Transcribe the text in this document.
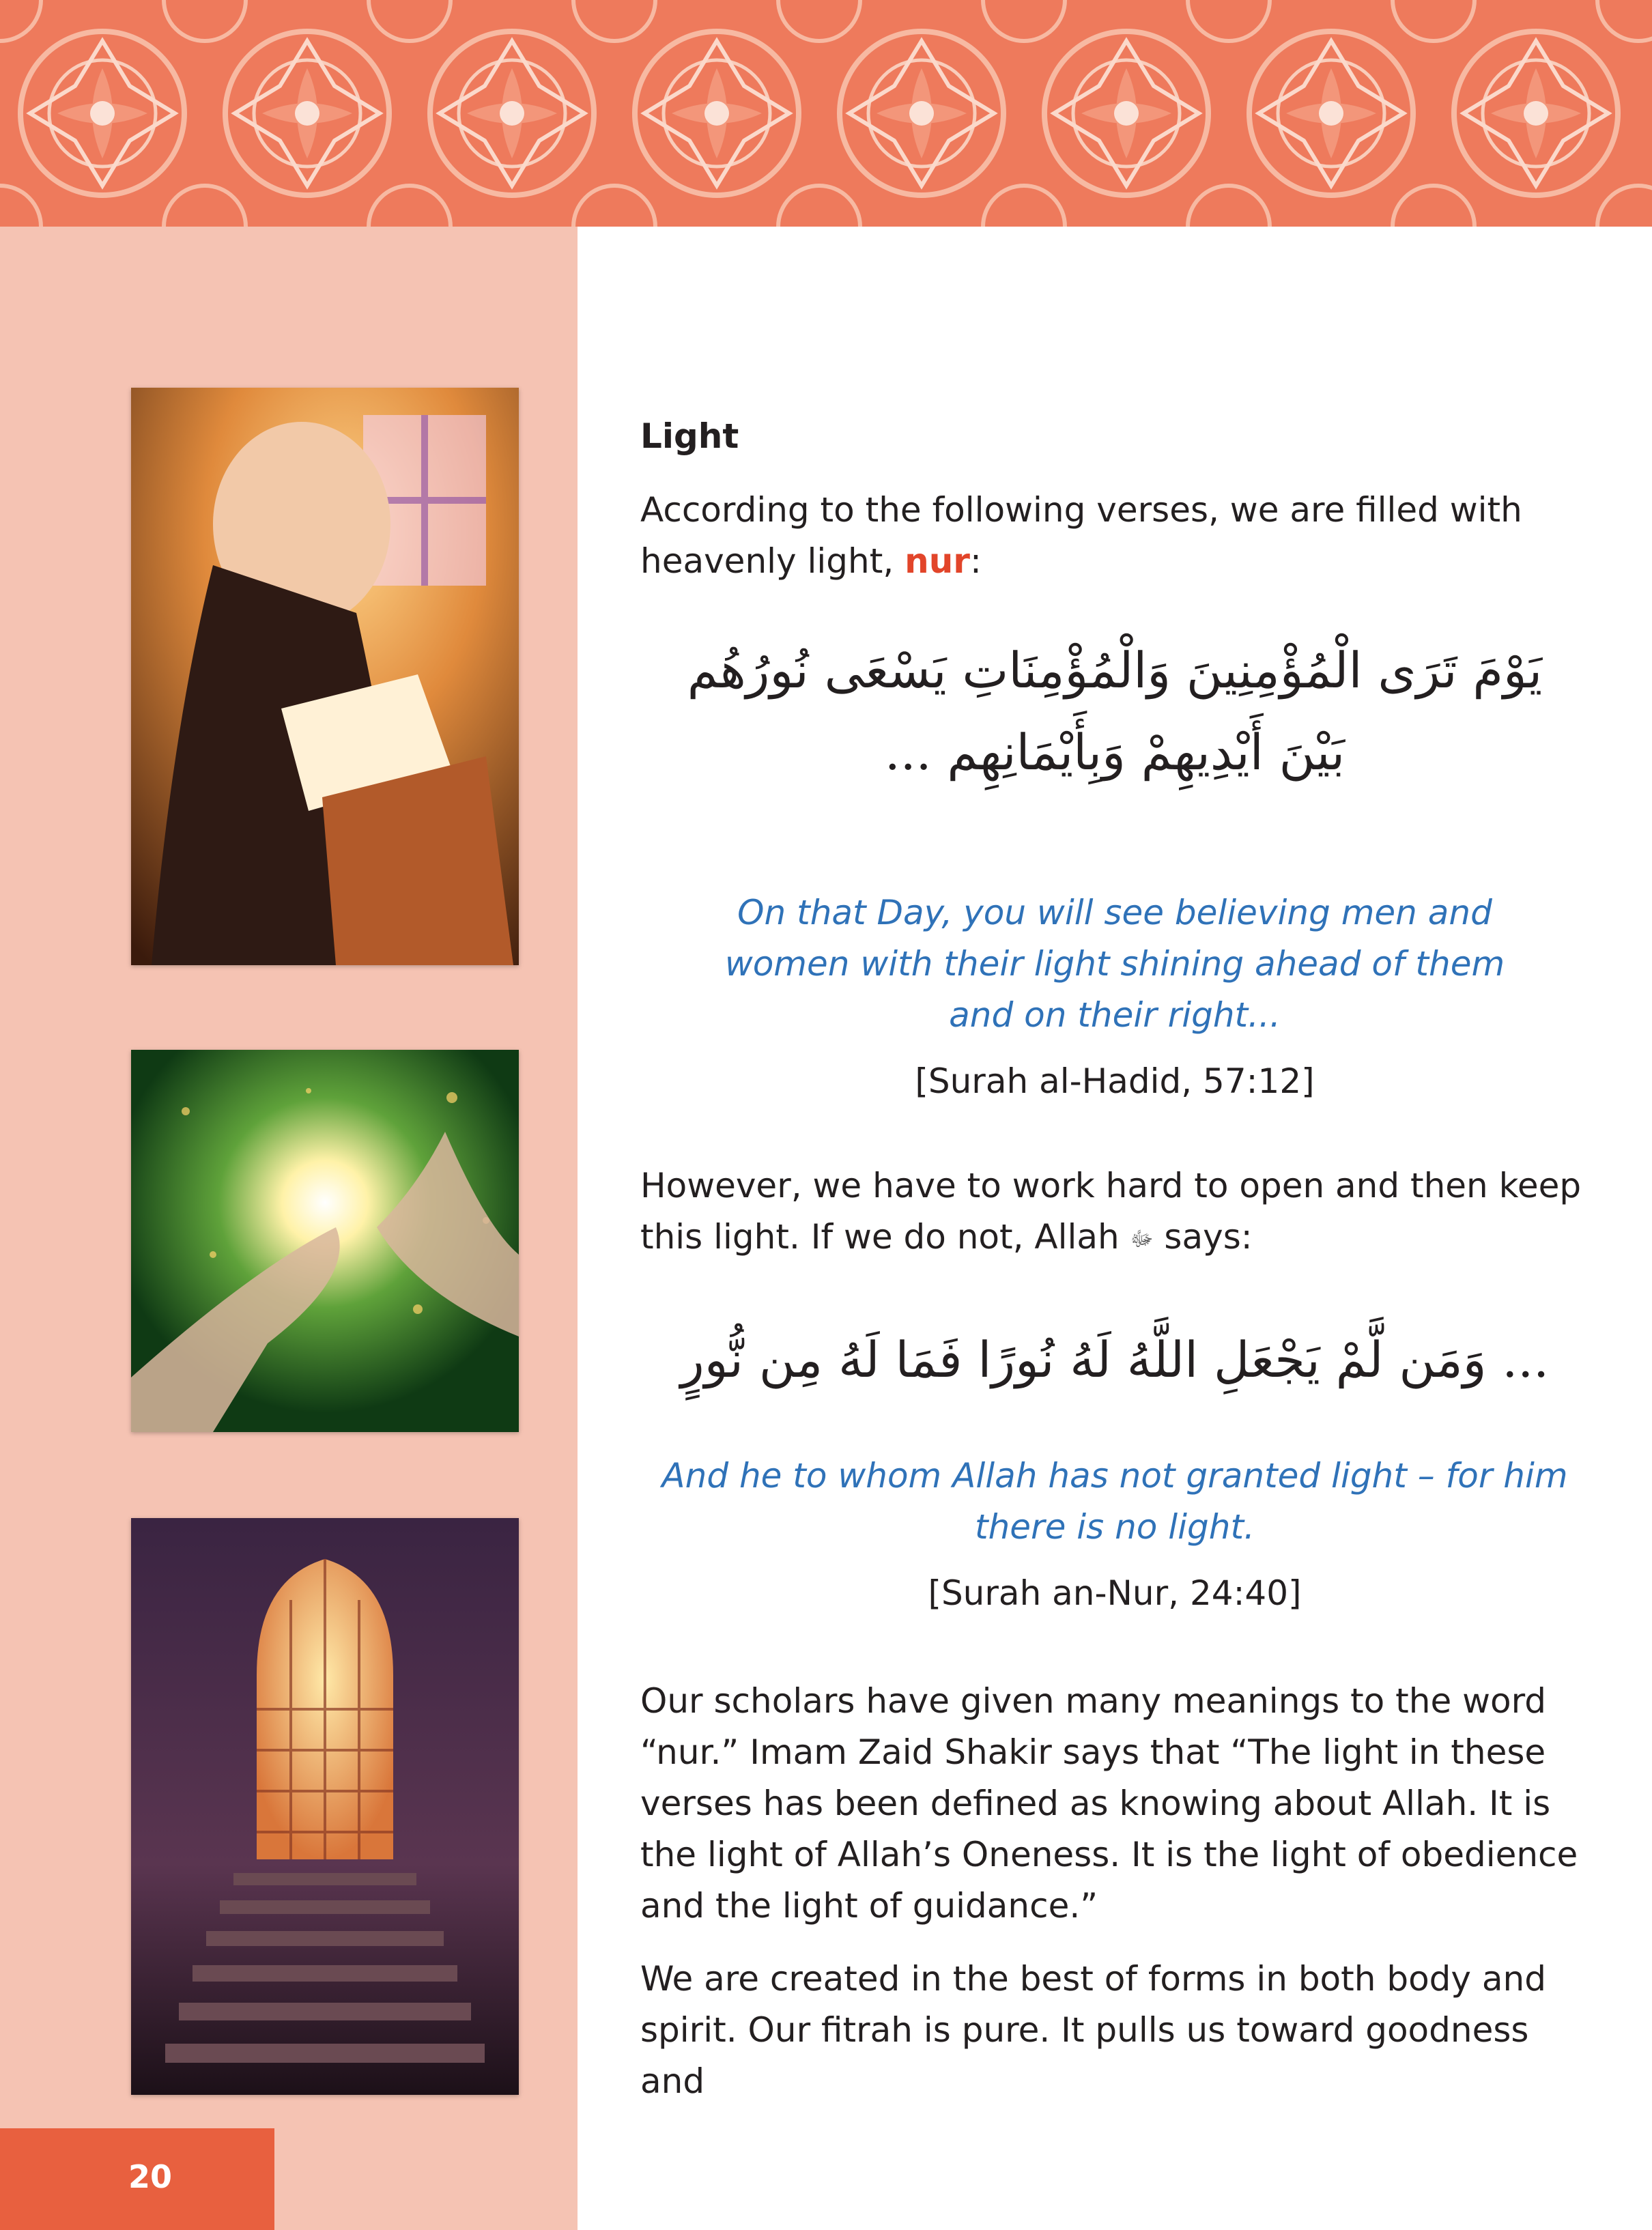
20
Light
According to the following verses, we are filled with heavenly light, nur:
يَوْمَ تَرَى الْمُؤْمِنِينَ وَالْمُؤْمِنَاتِ يَسْعَى نُورُهُم
بَيْنَ أَيْدِيهِمْ وَبِأَيْمَانِهِم ...
On that Day, you will see believing men and women with their light shining ahead of them and on their right...
[Surah al-Hadid, 57:12]
However, we have to work hard to open and then keep this light. If we do not, Allah ﷻ says:
... وَمَن لَّمْ يَجْعَلِ اللَّهُ لَهُ نُورًا فَمَا لَهُ مِن نُّورٍ
And he to whom Allah has not granted light – for him there is no light.
[Surah an-Nur, 24:40]
Our scholars have given many meanings to the word “nur.” Imam Zaid Shakir says that “The light in these verses has been defined as knowing about Allah. It is the light of Allah’s Oneness. It is the light of obedience and the light of guidance.”
We are created in the best of forms in both body and spirit. Our fitrah is pure. It pulls us toward goodness and
